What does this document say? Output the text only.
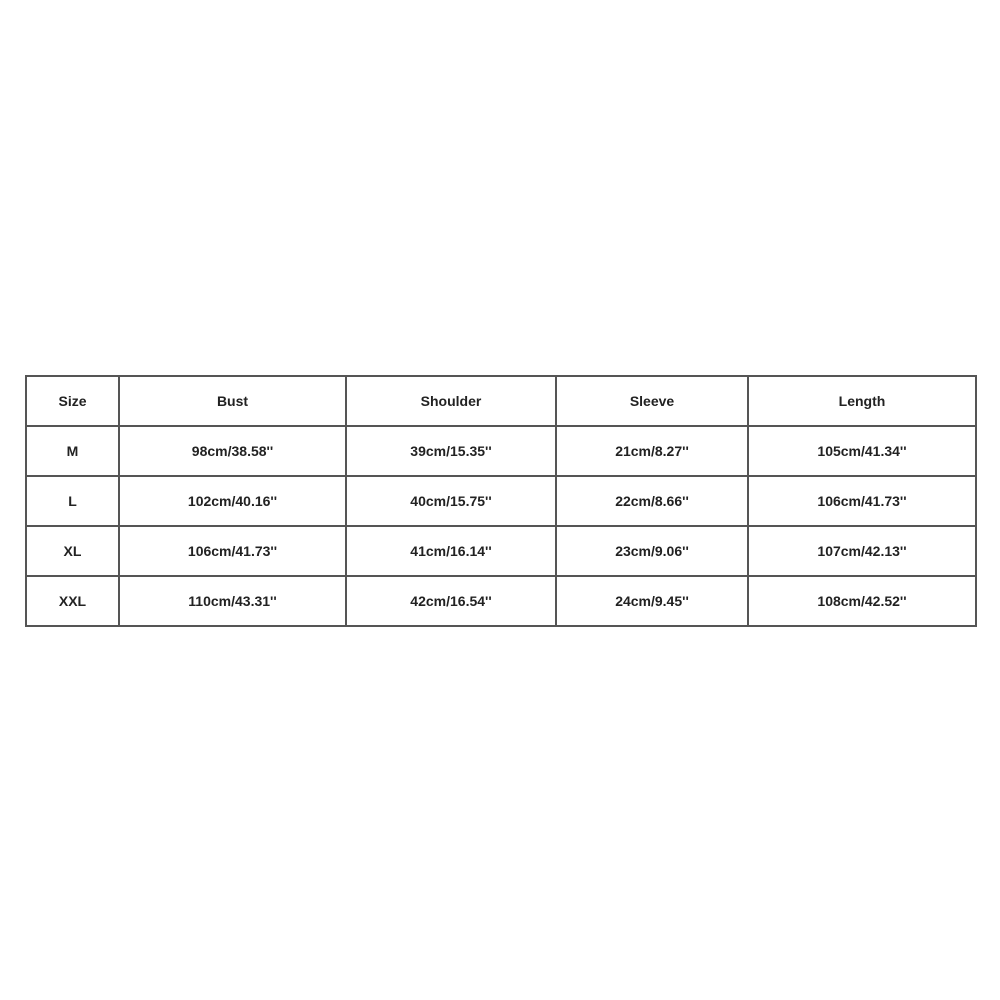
Size	Bust	Shoulder	Sleeve	Length
M	98cm/38.58''	39cm/15.35''	21cm/8.27''	105cm/41.34''
L	102cm/40.16''	40cm/15.75''	22cm/8.66''	106cm/41.73''
XL	106cm/41.73''	41cm/16.14''	23cm/9.06''	107cm/42.13''
XXL	110cm/43.31''	42cm/16.54''	24cm/9.45''	108cm/42.52''
